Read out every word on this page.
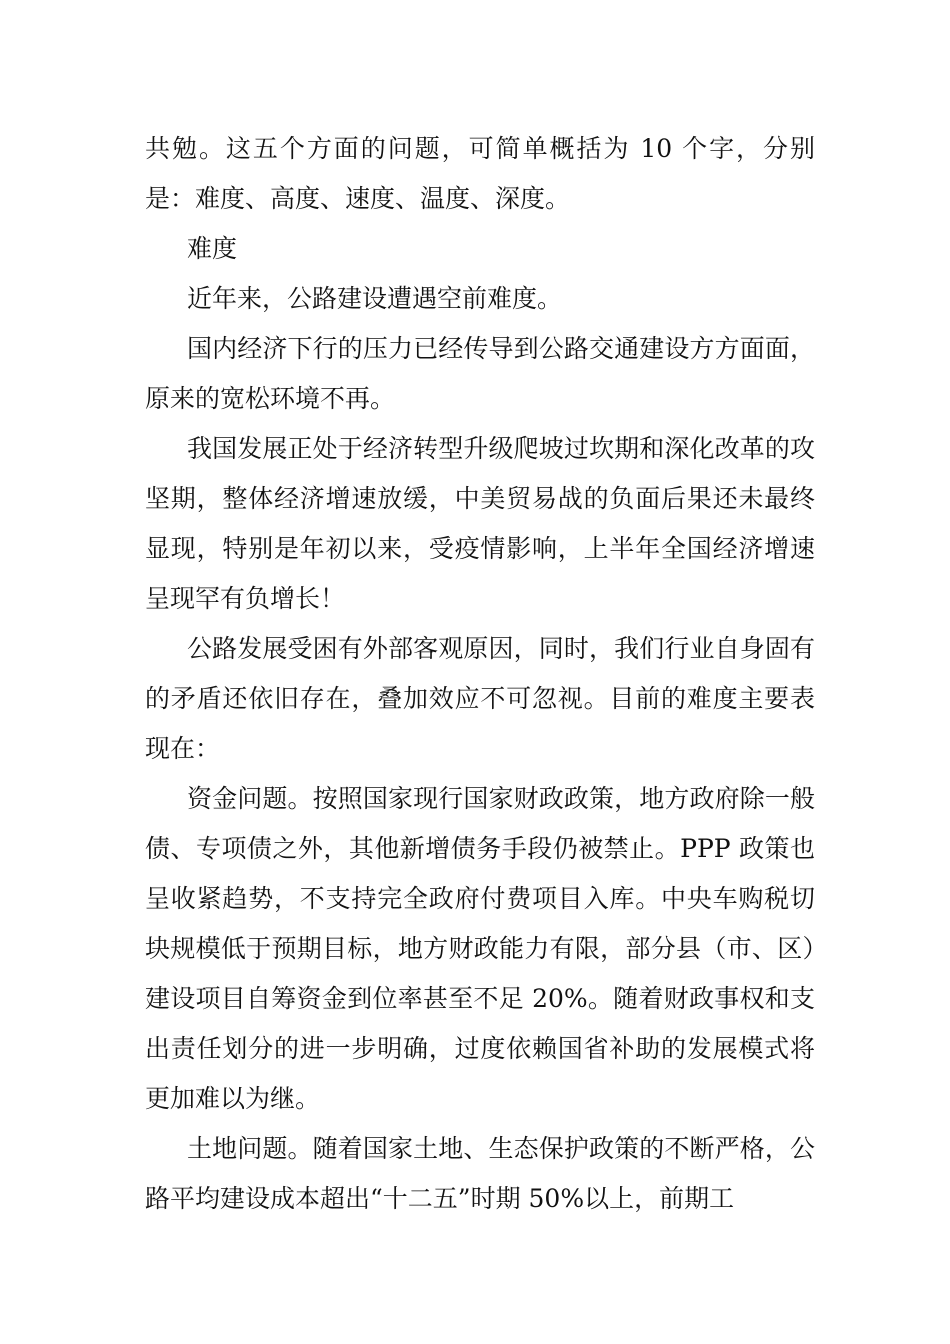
共勉。这五个方面的问题，可简单概括为 10 个字，分别是：难度、高度、速度、温度、深度。

难度

近年来，公路建设遭遇空前难度。

国内经济下行的压力已经传导到公路交通建设方方面面，原来的宽松环境不再。

我国发展正处于经济转型升级爬坡过坎期和深化改革的攻坚期，整体经济增速放缓，中美贸易战的负面后果还未最终显现，特别是年初以来，受疫情影响，上半年全国经济增速呈现罕有负增长！

公路发展受困有外部客观原因，同时，我们行业自身固有的矛盾还依旧存在，叠加效应不可忽视。目前的难度主要表现在：

资金问题。按照国家现行国家财政政策，地方政府除一般债、专项债之外，其他新增债务手段仍被禁止。PPP 政策也呈收紧趋势，不支持完全政府付费项目入库。中央车购税切块规模低于预期目标，地方财政能力有限，部分县（市、区）建设项目自筹资金到位率甚至不足 20%。随着财政事权和支出责任划分的进一步明确，过度依赖国省补助的发展模式将更加难以为继。

土地问题。随着国家土地、生态保护政策的不断严格，公路平均建设成本超出“十二五”时期 50%以上，前期工
